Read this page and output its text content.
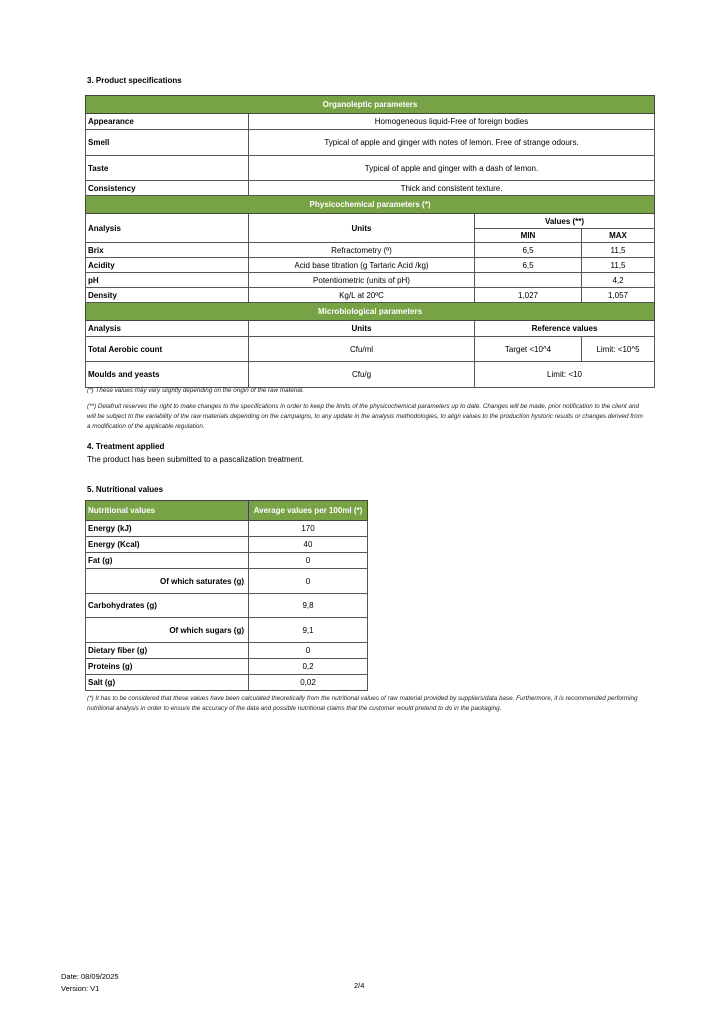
3. Product specifications
Organoleptic parameters			
Appearance	Homogeneous liquid-Free of foreign bodies		
Smell	Typical of apple and ginger with notes of lemon. Free of strange odours.		
Taste	Typical of apple and ginger with a dash of lemon.		
Consistency	Thick and consistent texture.		
Physicochemical parameters (*)			
Analysis	Units	Values (**)	
		MIN	MAX
Brix	Refractometry (º)	6,5	11,5
Acidity	Acid base titration (g Tartaric Acid /kg)	6,5	11,5
pH	Potentiometric (units of pH)		4,2
Density	Kg/L at 20ºC	1,027	1,057
Microbiological parameters			
Analysis	Units	Reference values	
Total Aerobic count	Cfu/ml	Target <10^4	Limit: <10^5
Moulds and yeasts	Cfu/g	Limit: <10	
(*) These values may vary slightly depending on the origin of the raw material.
(**) Delafruit reserves the right to make changes to the specifications in order to keep the limits of the physicochemical parameters up to date. Changes will be made, prior notification to the client and will be subject to the variability of the raw materials depending on the campaigns, to any update in the analysis methodologies, to align values to the production hystoric results or changes derived from a modification of the applicable regulation.
4. Treatment applied
The product has been submitted to a pascalization treatment.
5. Nutritional values
Nutritional values	Average values per 100ml (*)
Energy (kJ)	170
Energy (Kcal)	40
Fat (g)	0
Of which saturates (g)	0
Carbohydrates (g)	9,8
Of which sugars (g)	9,1
Dietary fiber (g)	0
Proteins (g)	0,2
Salt (g)	0,02
(*) It has to be considered that these values have been calculated theoretically from the nutritional values of raw material provided by suppliers/data base. Furthermore, it is recommended performing nutritional analysis in order to ensure the accuracy of the data and possible nutritional claims that the customer would pretend to do in the packaging.
Date: 08/09/2025
Version: V1	2/4
